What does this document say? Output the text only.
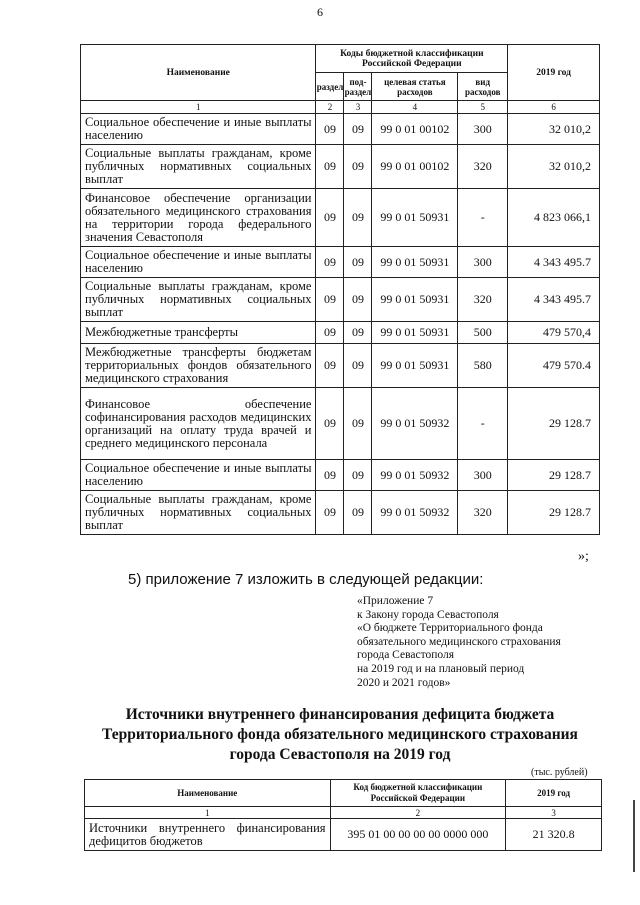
6
Наименование	Коды бюджетной классификации Российской Федерации				2019 год
	раздел	под-раздел	целевая статья расходов	вид расходов	
1	2	3	4	5	6
Социальное обеспечение и иные выплаты населению	09	09	99 0 01 00102	300	32 010,2
Социальные выплаты гражданам, кроме публичных нормативных социальных выплат	09	09	99 0 01 00102	320	32 010,2
Финансовое обеспечение организации обязательного медицинского страхования на территории города федерального значения Севастополя	09	09	99 0 01 50931	-	4 823 066,1
Социальное обеспечение и иные выплаты населению	09	09	99 0 01 50931	300	4 343 495.7
Социальные выплаты гражданам, кроме публичных нормативных социальных выплат	09	09	99 0 01 50931	320	4 343 495.7
Межбюджетные трансферты	09	09	99 0 01 50931	500	479 570,4
Межбюджетные трансферты бюджетам территориальных фондов обязательного медицинского страхования	09	09	99 0 01 50931	580	479 570.4
Финансовое обеспечение софинансирования расходов медицинских организаций на оплату труда врачей и среднего медицинского персонала	09	09	99 0 01 50932	-	29 128.7
Социальное обеспечение и иные выплаты населению	09	09	99 0 01 50932	300	29 128.7
Социальные выплаты гражданам, кроме публичных нормативных социальных выплат	09	09	99 0 01 50932	320	29 128.7
»;
5) приложение 7 изложить в следующей редакции:
«Приложение 7
к Закону города Севастополя
«О бюджете Территориального фонда
обязательного медицинского страхования
города Севастополя
на 2019 год и на плановый период
2020 и 2021 годов»
Источники внутреннего финансирования дефицита бюджета
Территориального фонда обязательного медицинского страхования
города Севастополя на 2019 год
(тыс. рублей)
Наименование	Код бюджетной классификации Российской Федерации	2019 год
1	2	3
Источники внутреннего финансирования дефицитов бюджетов	395 01 00 00 00 00 0000 000	21 320.8
